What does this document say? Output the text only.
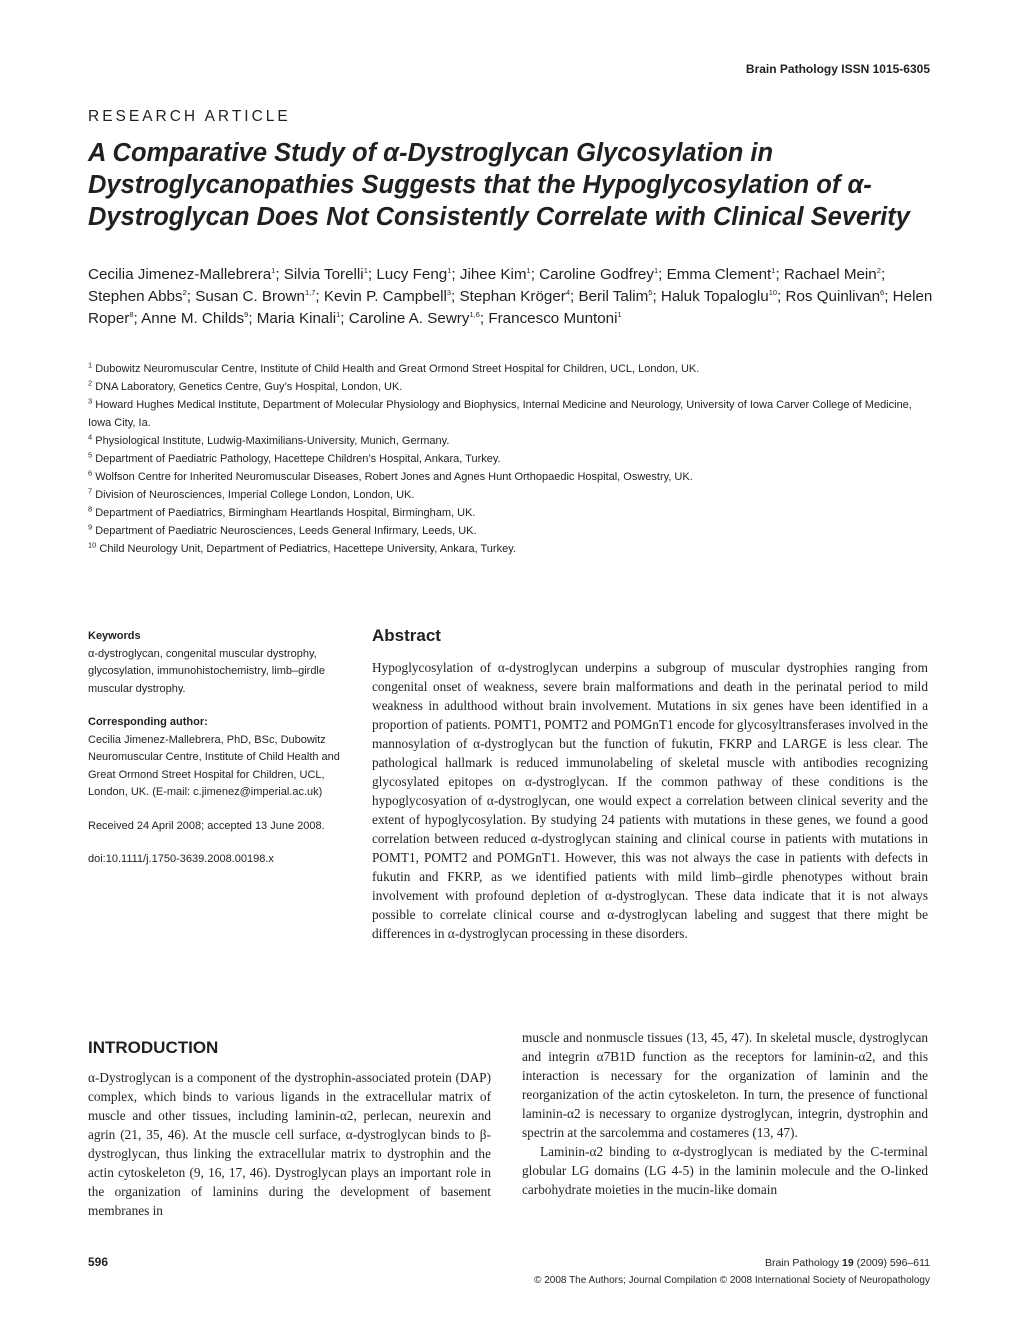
Brain Pathology ISSN 1015-6305
RESEARCH ARTICLE
A Comparative Study of α-Dystroglycan Glycosylation in Dystroglycanopathies Suggests that the Hypoglycosylation of α-Dystroglycan Does Not Consistently Correlate with Clinical Severity
Cecilia Jimenez-Mallebrera$^1$; Silvia Torelli$^1$; Lucy Feng$^1$; Jihee Kim$^1$; Caroline Godfrey$^1$; Emma Clement$^1$; Rachael Mein$^2$; Stephen Abbs$^2$; Susan C. Brown$^{1,7}$; Kevin P. Campbell$^3$; Stephan Kröger$^4$; Beril Talim$^5$; Haluk Topaloglu$^{10}$; Ros Quinlivan$^6$; Helen Roper$^8$; Anne M. Childs$^9$; Maria Kinali$^1$; Caroline A. Sewry$^{1,6}$; Francesco Muntoni$^1$
$^1$ Dubowitz Neuromuscular Centre, Institute of Child Health and Great Ormond Street Hospital for Children, UCL, London, UK.
$^2$ DNA Laboratory, Genetics Centre, Guy’s Hospital, London, UK.
$^3$ Howard Hughes Medical Institute, Department of Molecular Physiology and Biophysics, Internal Medicine and Neurology, University of Iowa Carver College of Medicine, Iowa City, Ia.
$^4$ Physiological Institute, Ludwig-Maximilians-University, Munich, Germany.
$^5$ Department of Paediatric Pathology, Hacettepe Children’s Hospital, Ankara, Turkey.
$^6$ Wolfson Centre for Inherited Neuromuscular Diseases, Robert Jones and Agnes Hunt Orthopaedic Hospital, Oswestry, UK.
$^7$ Division of Neurosciences, Imperial College London, London, UK.
$^8$ Department of Paediatrics, Birmingham Heartlands Hospital, Birmingham, UK.
$^9$ Department of Paediatric Neurosciences, Leeds General Infirmary, Leeds, UK.
$^{10}$ Child Neurology Unit, Department of Pediatrics, Hacettepe University, Ankara, Turkey.
Keywords
α-dystroglycan, congenital muscular dystrophy, glycosylation, immunohistochemistry, limb–girdle muscular dystrophy.
Corresponding author:
Cecilia Jimenez-Mallebrera, PhD, BSc, Dubowitz Neuromuscular Centre, Institute of Child Health and Great Ormond Street Hospital for Children, UCL, London, UK. (E-mail: c.jimenez@imperial.ac.uk)
Received 24 April 2008; accepted 13 June 2008.
doi:10.1111/j.1750-3639.2008.00198.x
Abstract
Hypoglycosylation of α-dystroglycan underpins a subgroup of muscular dystrophies ranging from congenital onset of weakness, severe brain malformations and death in the perinatal period to mild weakness in adulthood without brain involvement. Mutations in six genes have been identified in a proportion of patients. POMT1, POMT2 and POMGnT1 encode for glycosyltransferases involved in the mannosylation of α-dystroglycan but the function of fukutin, FKRP and LARGE is less clear. The pathological hallmark is reduced immunolabeling of skeletal muscle with antibodies recognizing glycosylated epitopes on α-dystroglycan. If the common pathway of these conditions is the hypoglycosyation of α-dystroglycan, one would expect a correlation between clinical severity and the extent of hypoglycosylation. By studying 24 patients with mutations in these genes, we found a good correlation between reduced α-dystroglycan staining and clinical course in patients with mutations in POMT1, POMT2 and POMGnT1. However, this was not always the case in patients with defects in fukutin and FKRP, as we identified patients with mild limb–girdle phenotypes without brain involvement with profound depletion of α-dystroglycan. These data indicate that it is not always possible to correlate clinical course and α-dystroglycan labeling and suggest that there might be differences in α-dystroglycan processing in these disorders.
INTRODUCTION
α-Dystroglycan is a component of the dystrophin-associated protein (DAP) complex, which binds to various ligands in the extracellular matrix of muscle and other tissues, including laminin-α2, perlecan, neurexin and agrin (21, 35, 46). At the muscle cell surface, α-dystroglycan binds to β-dystroglycan, thus linking the extracellular matrix to dystrophin and the actin cytoskeleton (9, 16, 17, 46). Dystroglycan plays an important role in the organization of laminins during the development of basement membranes in

muscle and nonmuscle tissues (13, 45, 47). In skeletal muscle, dystroglycan and integrin α7B1D function as the receptors for laminin-α2, and this interaction is necessary for the organization of laminin and the reorganization of the actin cytoskeleton. In turn, the presence of functional laminin-α2 is necessary to organize dystroglycan, integrin, dystrophin and spectrin at the sarcolemma and costameres (13, 47).

Laminin-α2 binding to α-dystroglycan is mediated by the C-terminal globular LG domains (LG 4-5) in the laminin molecule and the O-linked carbohydrate moieties in the mucin-like domain

596	Brain Pathology 19 (2009) 596–611
© 2008 The Authors; Journal Compilation © 2008 International Society of Neuropathology
